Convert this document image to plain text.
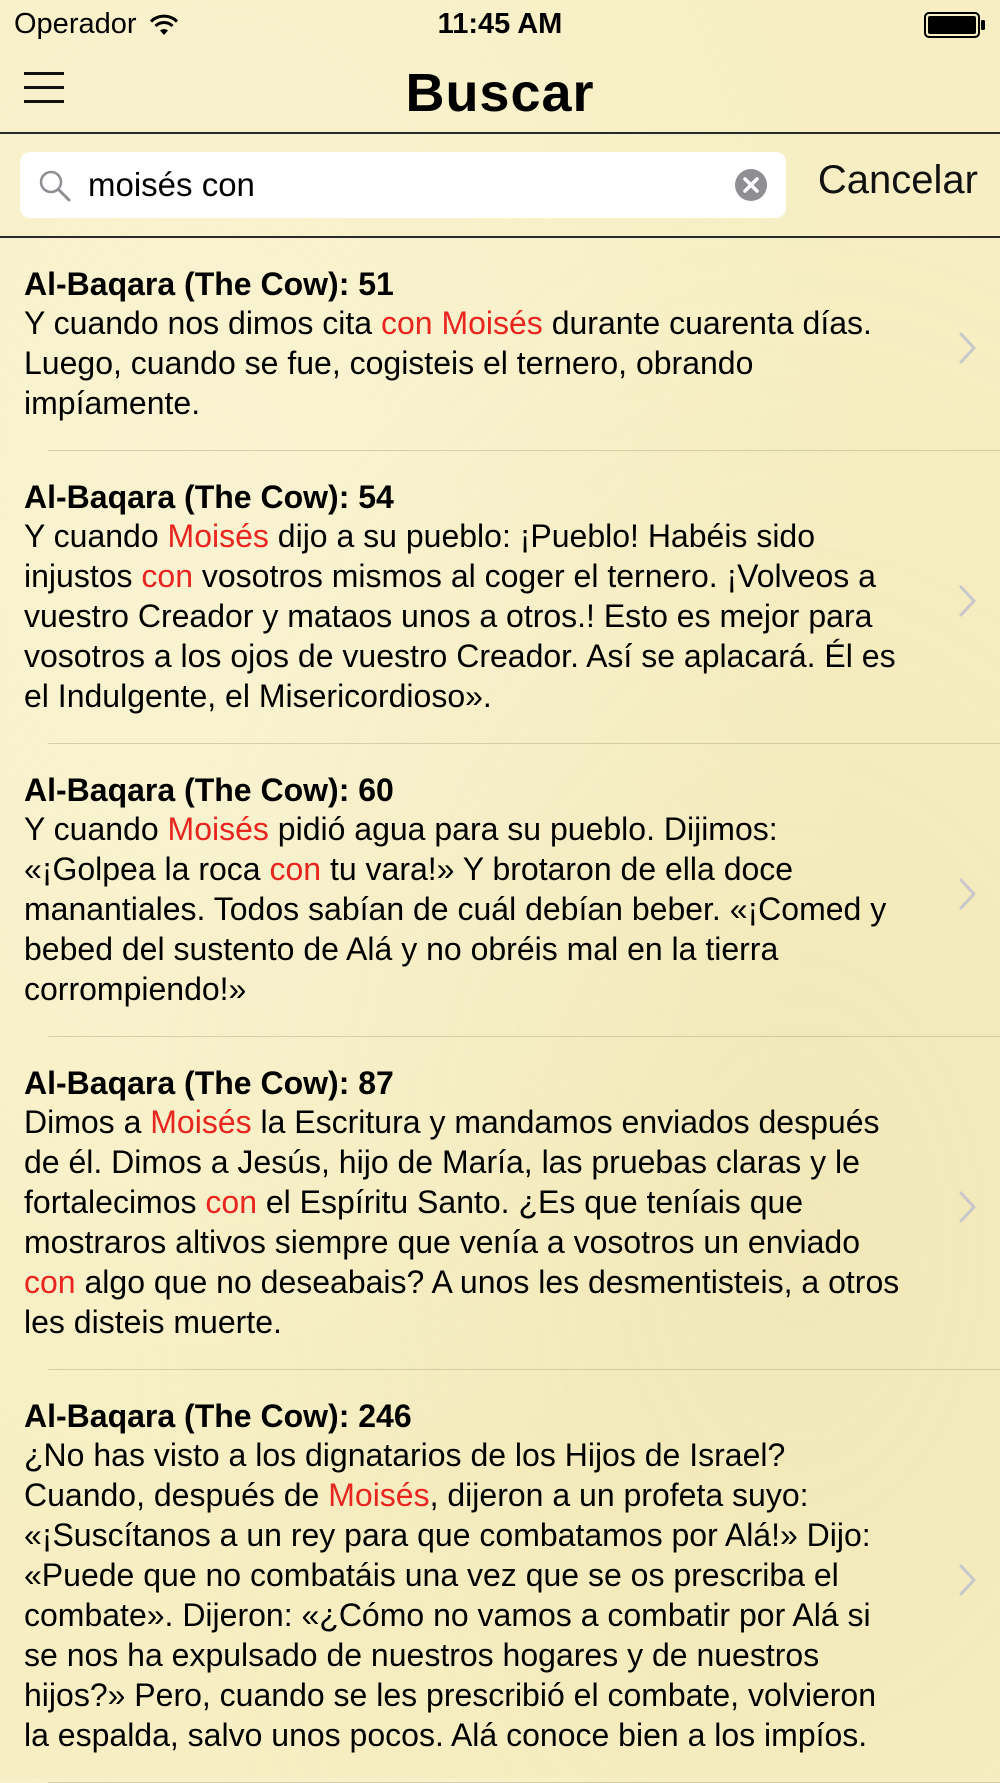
Operador	11:45 AM
Buscar
moisés con
Cancelar
Al-Baqara (The Cow): 51
Y cuando nos dimos cita con Moisés durante cuarenta días. Luego, cuando se fue, cogisteis el ternero, obrando impíamente.
Al-Baqara (The Cow): 54
Y cuando Moisés dijo a su pueblo: ¡Pueblo! Habéis sido injustos con vosotros mismos al coger el ternero. ¡Volveos a vuestro Creador y mataos unos a otros.! Esto es mejor para vosotros a los ojos de vuestro Creador. Así se aplacará. Él es el Indulgente, el Misericordioso».
Al-Baqara (The Cow): 60
Y cuando Moisés pidió agua para su pueblo. Dijimos: «¡Golpea la roca con tu vara!» Y brotaron de ella doce manantiales. Todos sabían de cuál debían beber. «¡Comed y bebed del sustento de Alá y no obréis mal en la tierra corrompiendo!»
Al-Baqara (The Cow): 87
Dimos a Moisés la Escritura y mandamos enviados después de él. Dimos a Jesús, hijo de María, las pruebas claras y le fortalecimos con el Espíritu Santo. ¿Es que teníais que mostraros altivos siempre que venía a vosotros un enviado con algo que no deseabais? A unos les desmentisteis, a otros les disteis muerte.
Al-Baqara (The Cow): 246
¿No has visto a los dignatarios de los Hijos de Israel? Cuando, después de Moisés, dijeron a un profeta suyo: «¡Suscítanos a un rey para que combatamos por Alá!» Dijo: «Puede que no combatáis una vez que se os prescriba el combate». Dijeron: «¿Cómo no vamos a combatir por Alá si se nos ha expulsado de nuestros hogares y de nuestros hijos?» Pero, cuando se les prescribió el combate, volvieron la espalda, salvo unos pocos. Alá conoce bien a los impíos.
